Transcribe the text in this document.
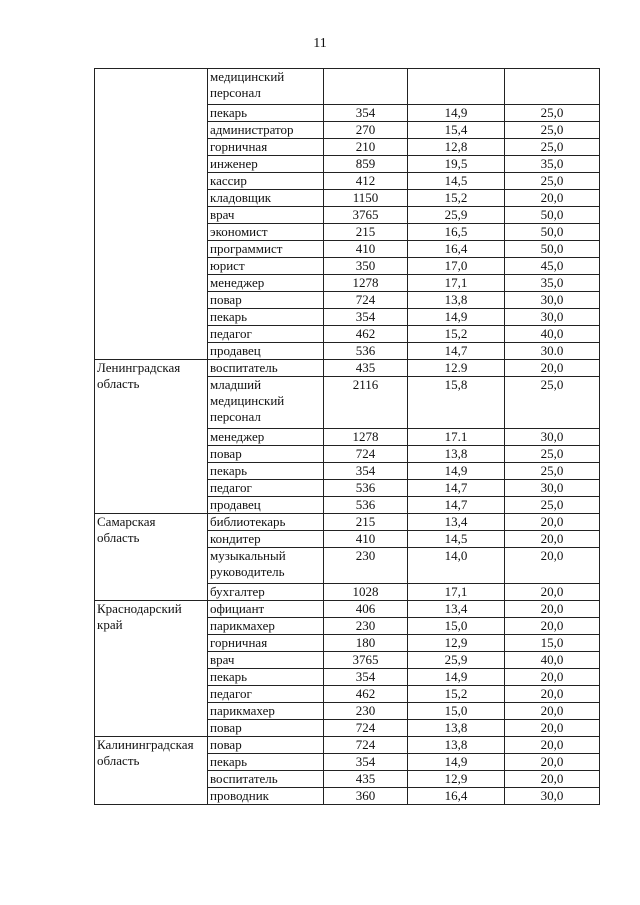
11
	медицинский персонал			
	пекарь	354	14,9	25,0
	администратор	270	15,4	25,0
	горничная	210	12,8	25,0
	инженер	859	19,5	35,0
	кассир	412	14,5	25,0
	кладовщик	1150	15,2	20,0
	врач	3765	25,9	50,0
	экономист	215	16,5	50,0
	программист	410	16,4	50,0
	юрист	350	17,0	45,0
	менеджер	1278	17,1	35,0
	повар	724	13,8	30,0
	пекарь	354	14,9	30,0
	педагог	462	15,2	40,0
	продавец	536	14,7	30.0
Ленинградская
область	воспитатель	435	12.9	20,0
	младший медицинский персонал	2116	15,8	25,0
	менеджер	1278	17.1	30,0
	повар	724	13,8	25,0
	пекарь	354	14,9	25,0
	педагог	536	14,7	30,0
	продавец	536	14,7	25,0
Самарская
область	библиотекарь	215	13,4	20,0
	кондитер	410	14,5	20,0
	музыкальный руководитель	230	14,0	20,0
	бухгалтер	1028	17,1	20,0
Краснодарский
край	официант	406	13,4	20,0
	парикмахер	230	15,0	20,0
	горничная	180	12,9	15,0
	врач	3765	25,9	40,0
	пекарь	354	14,9	20,0
	педагог	462	15,2	20,0
	парикмахер	230	15,0	20,0
	повар	724	13,8	20,0
Калининградская
область	повар	724	13,8	20,0
	пекарь	354	14,9	20,0
	воспитатель	435	12,9	20,0
	проводник	360	16,4	30,0
